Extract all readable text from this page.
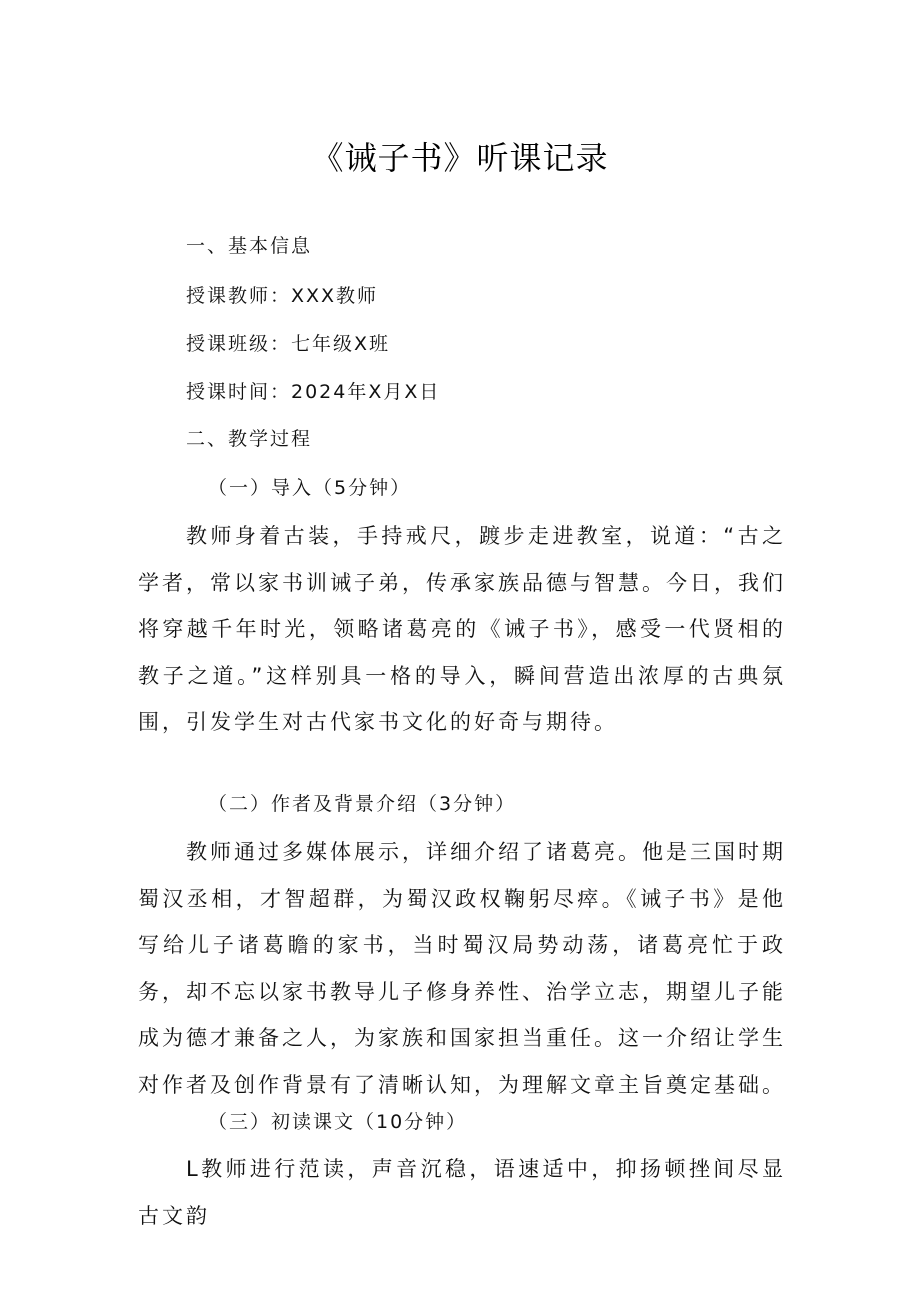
《诫子书》听课记录
一、基本信息
授课教师：XXX教师
授课班级：七年级X班
授课时间：2024年X月X日
二、教学过程
（一）导入（5分钟）

教师身着古装，手持戒尺，踱步走进教室，说道：“古之学者，常以家书训诫子弟，传承家族品德与智慧。今日，我们将穿越千年时光，领略诸葛亮的《诫子书》，感受一代贤相的教子之道。”这样别具一格的导入，瞬间营造出浓厚的古典氛围，引发学生对古代家书文化的好奇与期待。

（二）作者及背景介绍（3分钟）

教师通过多媒体展示，详细介绍了诸葛亮。他是三国时期蜀汉丞相，才智超群，为蜀汉政权鞠躬尽瘁。《诫子书》是他写给儿子诸葛瞻的家书，当时蜀汉局势动荡，诸葛亮忙于政务，却不忘以家书教导儿子修身养性、治学立志，期望儿子能成为德才兼备之人，为家族和国家担当重任。这一介绍让学生对作者及创作背景有了清晰认知，为理解文章主旨奠定基础。

（三）初读课文（10分钟）

L教师进行范读，声音沉稳，语速适中，抑扬顿挫间尽显古文韵
